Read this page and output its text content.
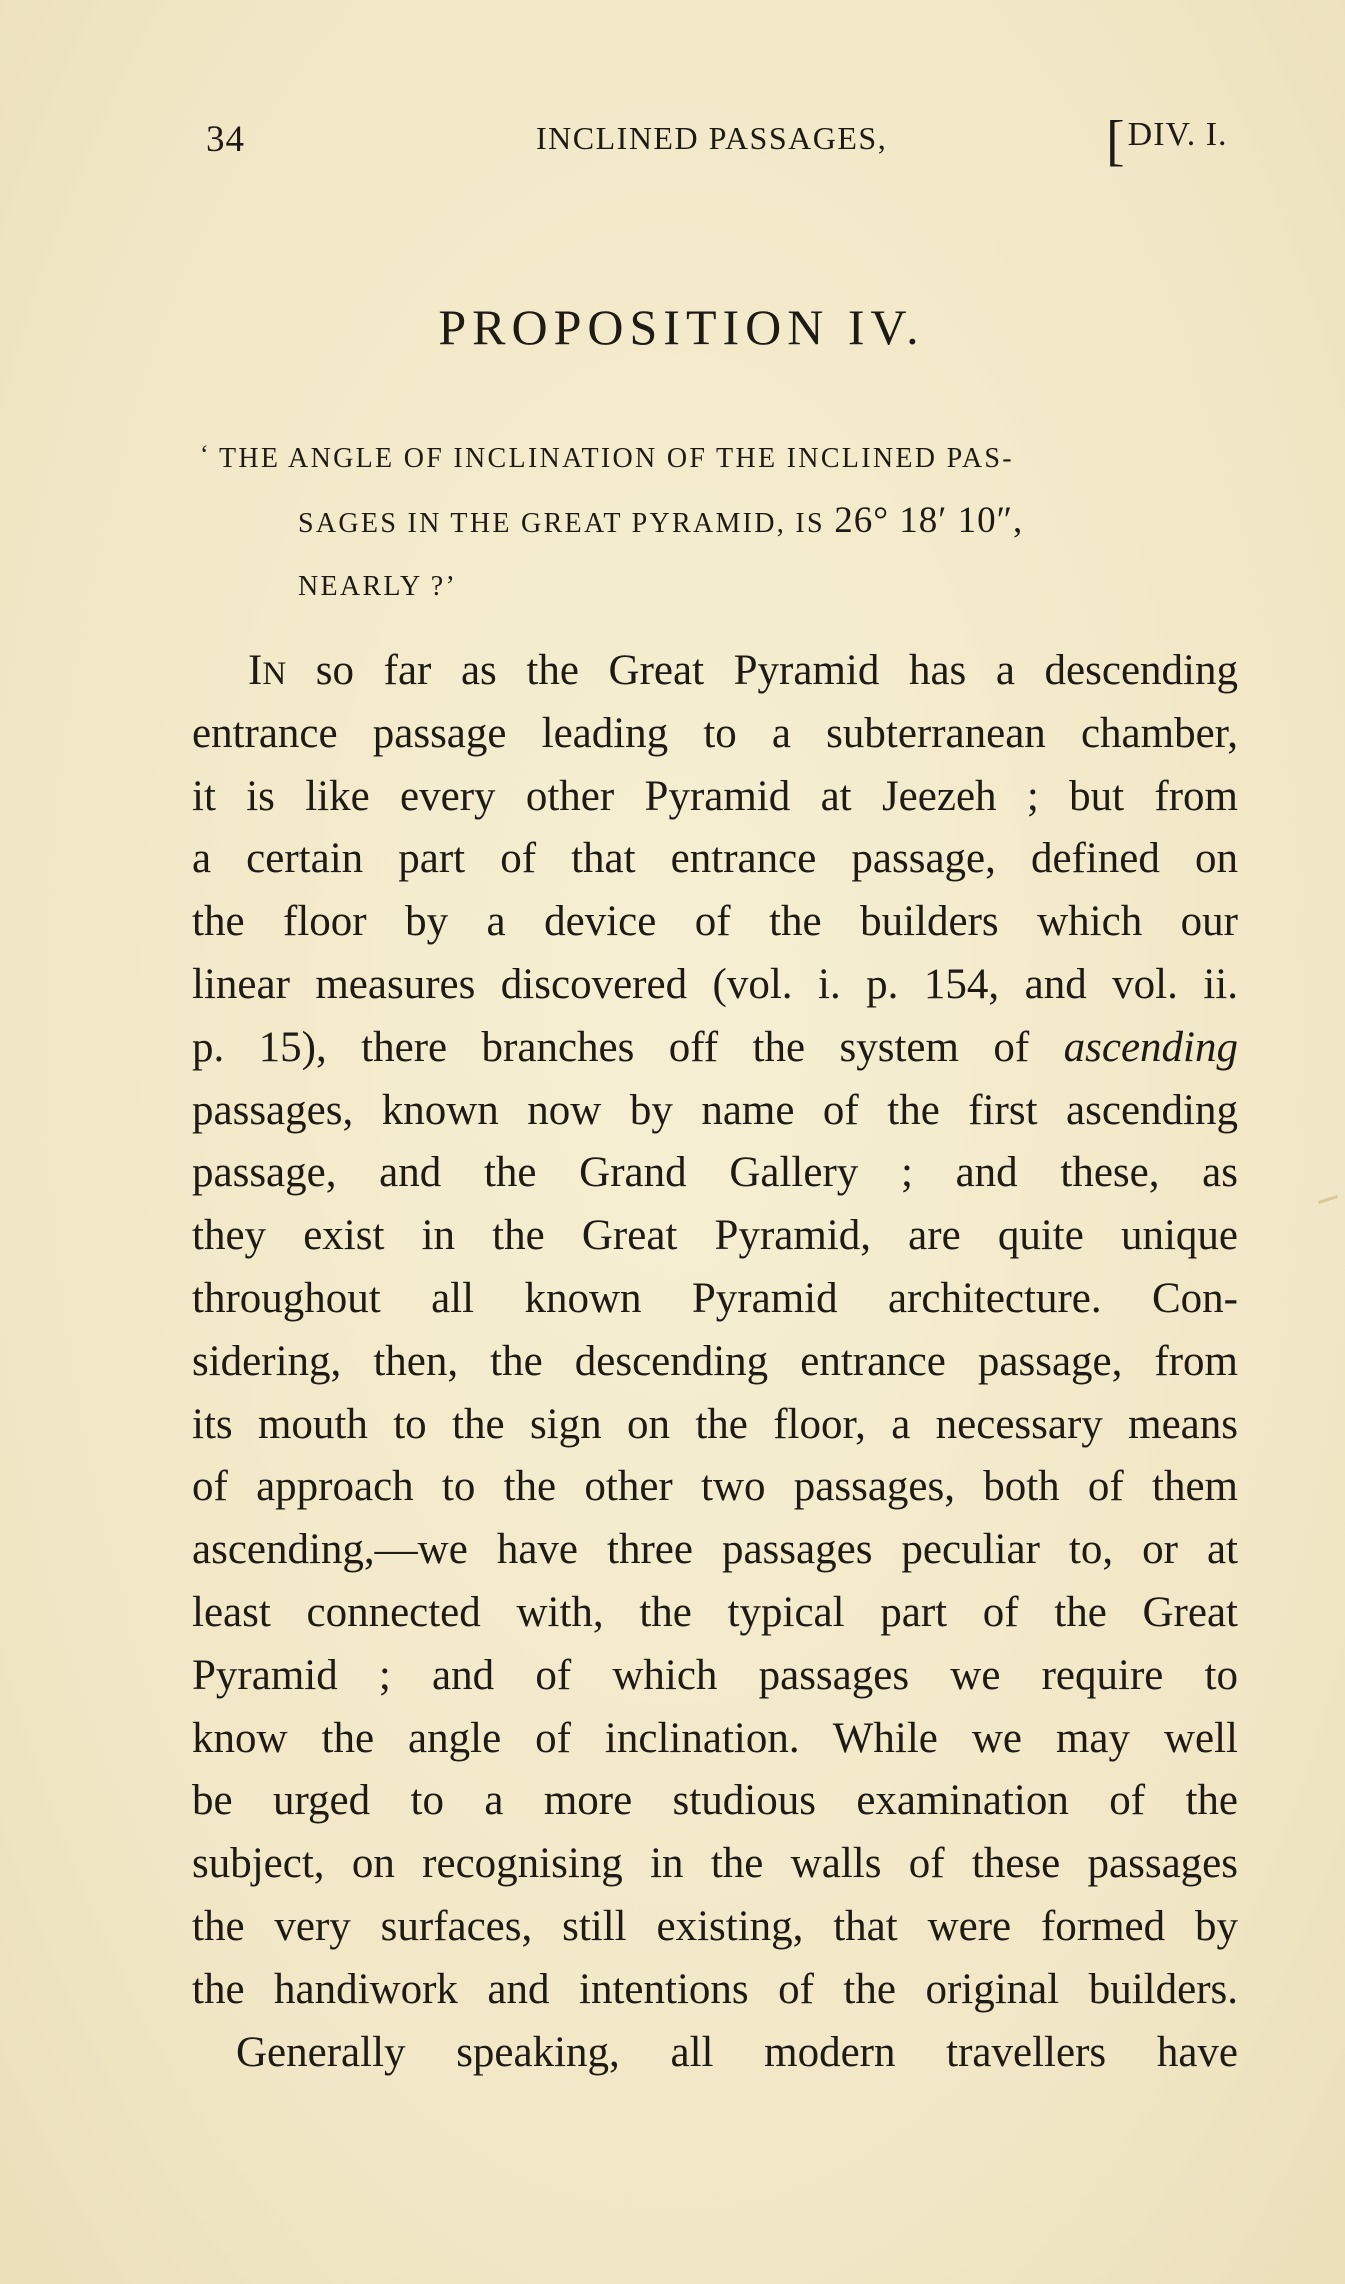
34	INCLINED PASSAGES,	[DIV. I.
PROPOSITION IV.
‘ THE ANGLE OF INCLINATION OF THE INCLINED PAS-
SAGES IN THE GREAT PYRAMID, IS 26° 18′ 10″,
NEARLY ?’
IN so far as the Great Pyramid has a descending
entrance passage leading to a subterranean chamber,
it is like every other Pyramid at Jeezeh ; but from
a certain part of that entrance passage, defined on
the floor by a device of the builders which our
linear measures discovered (vol. i. p. 154, and vol. ii.
p. 15), there branches off the system of ascending
passages, known now by name of the first ascending
passage, and the Grand Gallery ; and these, as
they exist in the Great Pyramid, are quite unique
throughout all known Pyramid architecture. Con-
sidering, then, the descending entrance passage, from
its mouth to the sign on the floor, a necessary means
of approach to the other two passages, both of them
ascending,—we have three passages peculiar to, or at
least connected with, the typical part of the Great
Pyramid ; and of which passages we require to
know the angle of inclination. While we may well
be urged to a more studious examination of the
subject, on recognising in the walls of these passages
the very surfaces, still existing, that were formed by
the handiwork and intentions of the original builders.
Generally speaking, all modern travellers have
